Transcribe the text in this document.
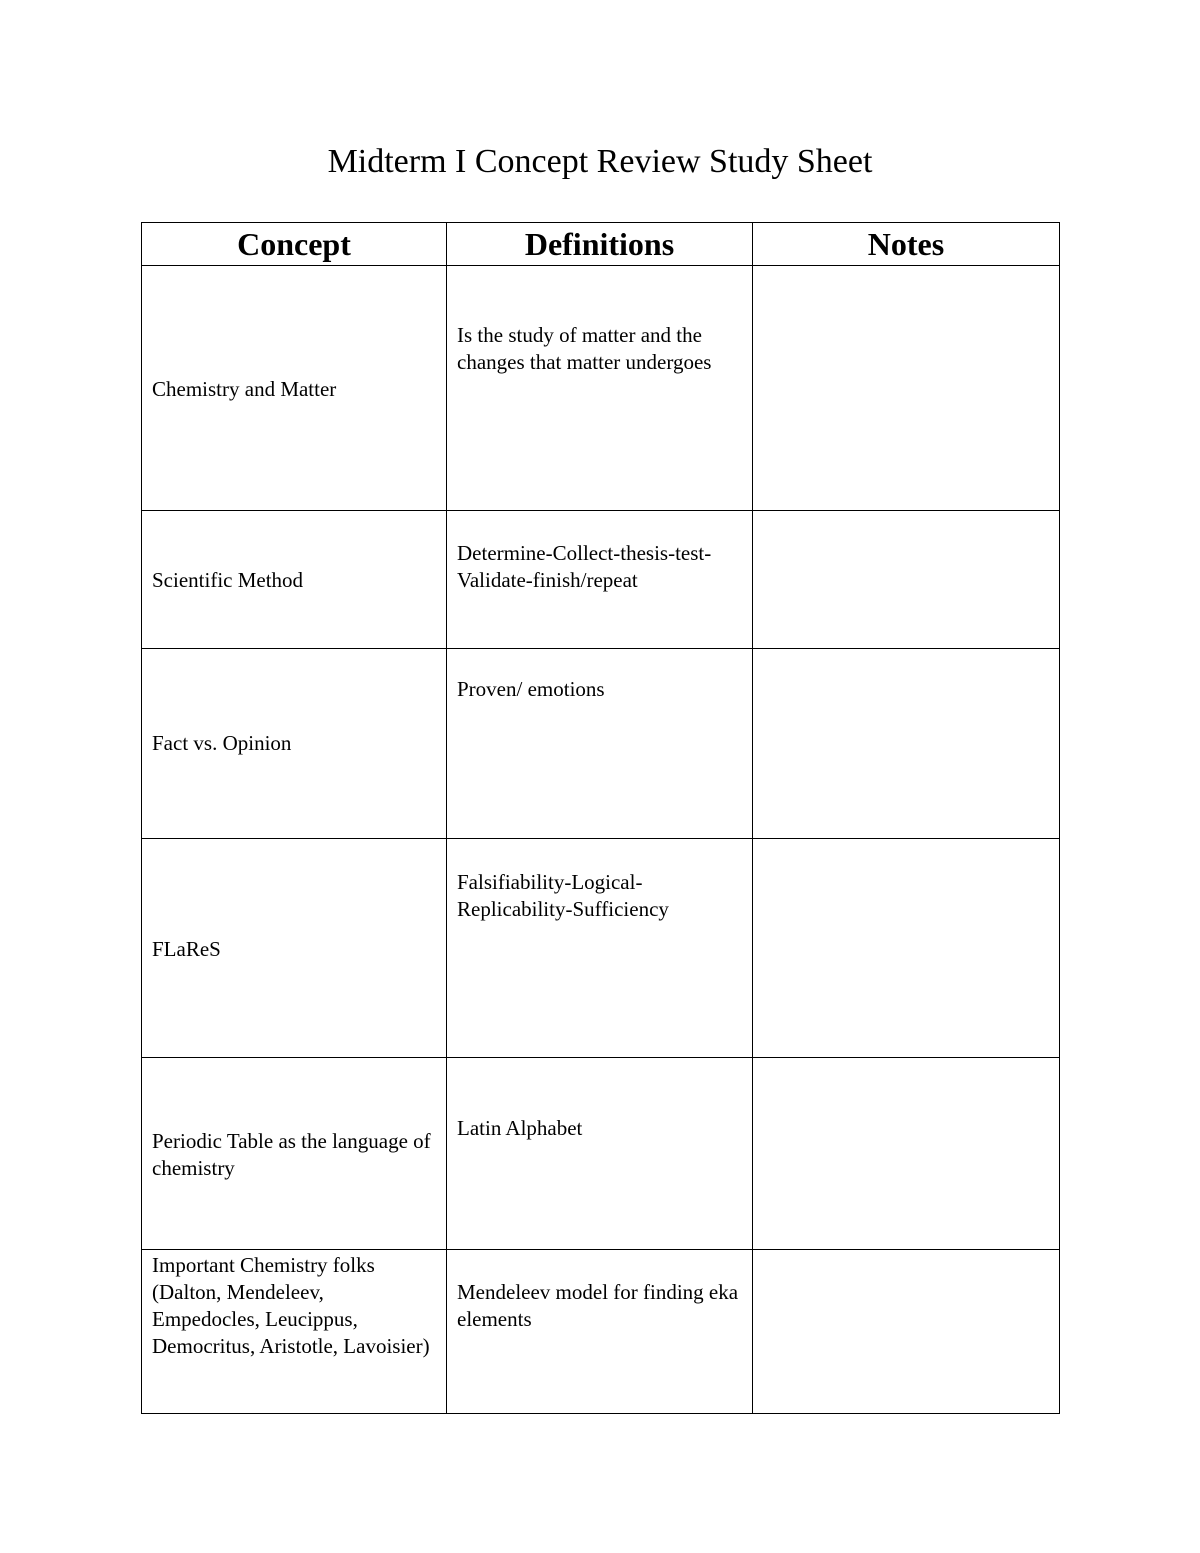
Midterm I Concept Review Study Sheet
Concept	Definitions	Notes

Chemistry and Matter	Is the study of matter and the changes that matter undergoes	

Scientific Method	Determine-Collect-thesis-test-Validate-finish/repeat	

Fact vs. Opinion	Proven/ emotions	

FLaReS	Falsifiability-Logical-Replicability-Sufficiency	

Periodic Table as the language of chemistry	Latin Alphabet	

Important Chemistry folks (Dalton, Mendeleev, Empedocles, Leucippus, Democritus, Aristotle, Lavoisier)	Mendeleev model for finding eka elements	
